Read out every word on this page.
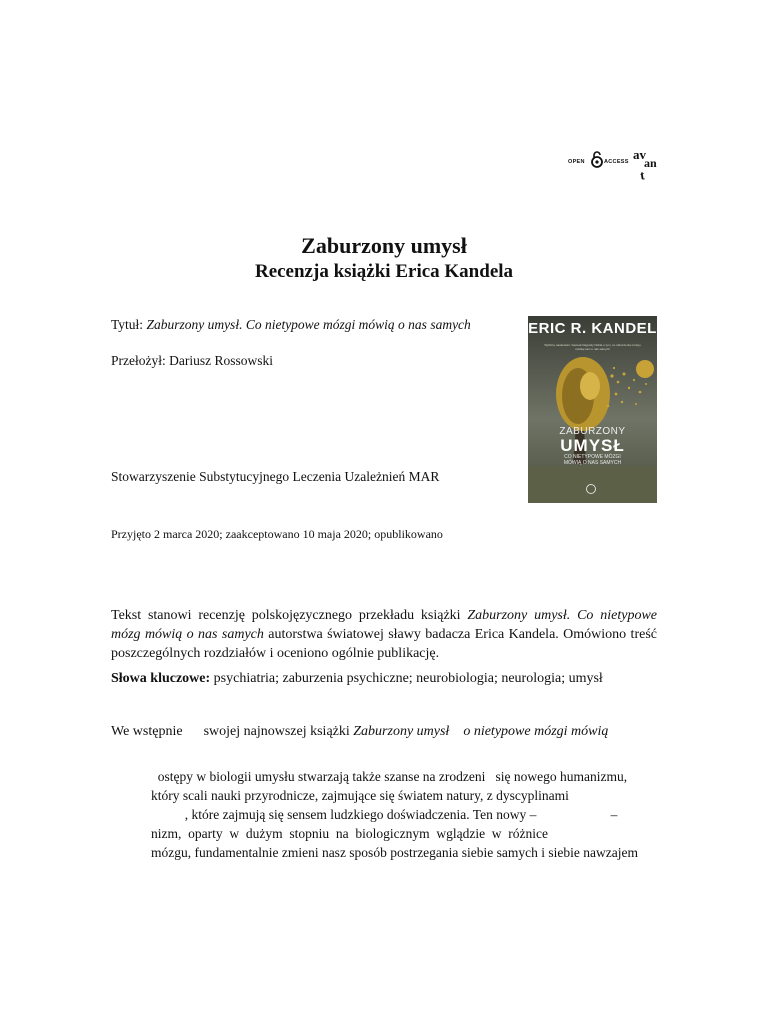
OPEN	ACCESS av
an
t
Zaburzony umysł
Recenzja książki Erica Kandela
Tytuł: Zaburzony umysł. Co nietypowe mózgi mówią o nas samych
Przełożył: Dariusz Rossowski
Stowarzyszenie Substytucyjnego Leczenia Uzależnień MAR
Przyjęto 2 marca 2020; zaakceptowano 10 maja 2020; opublikowano
ERIC R. KANDEL
Wybitny naukowiec i laureat Nagrody Nobla o tym, co zaburzenia mózgu mówią nam o nas samych
ZABURZONY
UMYSŁ
CO NIETYPOWE MÓZGI
MÓWIĄ O NAS SAMYCH
Tekst stanowi recenzję polskojęzycznego przekładu książki Zaburzony umysł. Co nietypowe mózg mówią o nas samych autorstwa światowej sławy badacza Erica Kandela. Omówiono treść poszczególnych rozdziałów i oceniono ogólnie publikację.
Słowa kluczowe: psychiatria; zaburzenia psychiczne; neurobiologia; neurologia; umysł
We wstępnie      swojej najnowszej książki Zaburzony umysł    o nietypowe mózgi mówią
ostępy w biologii umysłu stwarzają także szanse na zrodzeni   się nowego humanizmu,
który scali nauki przyrodnicze, zajmujące się światem natury, z dyscyplinami
, które zajmują się sensem ludzkiego doświadczenia. Ten nowy –                      –
nizm,  oparty  w  dużym  stopniu  na  biologicznym  wglądzie  w  różnice
mózgu, fundamentalnie zmieni nasz sposób postrzegania siebie samych i siebie nawzajem
